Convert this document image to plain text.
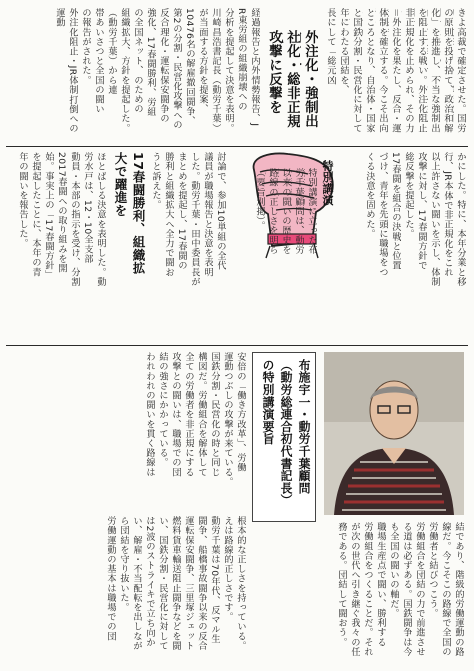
きよ高裁で確定させた。国労
の原則を投げ捨て、政治和解
化」を推進し、不当な強制出
を阻止する戦い。外注化阻止
非正規化を止められ、その力
＝外注化を果たし、反合・運
体制を確立する。今こそ出向
ところとなり、自治体・国家
と国鉄分割・民営化に対して
年にわたる団結を、
長にして「総元凶
外注化・強制出
社化・総非正規
攻撃に反撃を
経過報告と内外情勢報告、J
R東労組の組織崩壊への
分析を提起して決意を表明。
川崎昌浩書記長（動労千葉）
が当面する方針を提案、
10476名の解雇撤回闘争、
第2の分割・民営化攻撃への
反合理化・運転保安闘争の
強化、17春闘勝利、労組
の全国ネット、のための
組織拡大、方針を提起した。
（動労千葉）から連
帯あいさつと全国の闘い
の報告がされた。
外注化阻止・JR体制打倒への
運動
かにした。特に、本年分業と移
行、JR本体で非正規化をこれ
以上許さない闘いを示し、体制
攻撃に対し、17春闘方針で
総反撃を提起した。
17春闘を組合の決戦と位置
づけ、青年を先頭に職場をつ
くる決意を固めた。
特別講演
特別講演に立った布
労千葉顧問は、動労
以来の闘いの歴史を
路線の正しさを明ら
（要旨別掲）。
討論で、参加10単組の全代
議員が職場報告と決意を表明
した。動労千葉・田中委員長が
まとめを提起し、17春闘の
勝利と組織拡大へ全力で闘お
うと訴えた。
17春闘勝利、組織拡
大で躍進を
ほとばしる決意を表明した。動
労水戸は、12・10全支部
動員・本部の指示を受け、分割
2017春闘への取り組みを開
始。事実上の「17春闘方針」
を提起したことに、本年の青
年の闘いを報告した。
布施宇一・動労千葉顧問
（動労総連合初代書記長）
の特別講演要旨
安倍の「働き方改革」、労働
運動つぶしの攻撃が来ている。
国鉄分割・民営化の時と同じ
構図だ。労働組合を解体して
全ての労働者を非正規にする
攻撃との闘いは、職場での団
結の強さにかかっている。
われわれの闘いを貫く路線は
根本的な正しさを持っている。
えは路線的正しさです。
動労千葉は70年代、反マル生
闘争、船橋事故闘争以来の反合
運転保安闘争、三里塚ジェット
燃料貨車輸送阻止闘争などを闘
い、国鉄分割・民営化に対して
は2波のストライキで立ち向か
い、解雇・不当配転を出しなが
ら団結を守り抜いた。
労働運動の基本は職場での団	結であり、階級的労働運動の路
線だ。今こそこの路線で全国の
労働者と結びつこう。
労働組合を団結の力で前進させ
る道は必ずある。国鉄闘争は今
も全国の闘いの軸だ。
職場生産点で闘い、勝利する
労働組合をつくることだ。それ
が次の世代へ引き継ぐ我々の任
務である。団結して闘おう。
